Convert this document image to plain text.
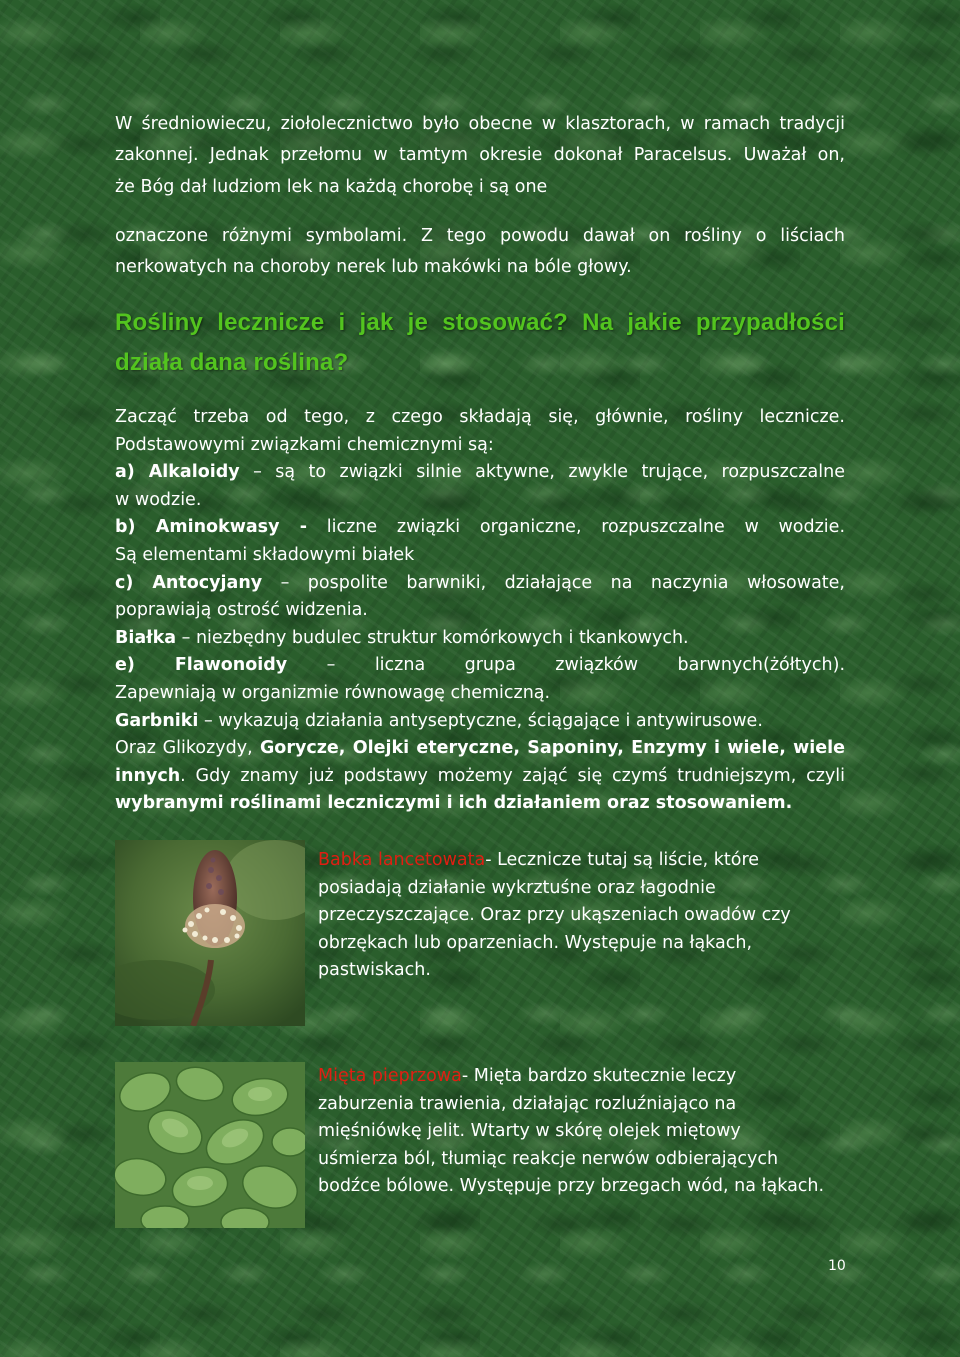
W średniowieczu, ziołolecznictwo było obecne w klasztorach, w ramach tradycji
zakonnej. Jednak przełomu w tamtym okresie dokonał Paracelsus. Uważał on,
że Bóg dał ludziom lek na każdą chorobę i są one
oznaczone różnymi symbolami. Z tego powodu dawał on rośliny o liściach
nerkowatych na choroby nerek lub makówki na bóle głowy.
Rośliny lecznicze i jak je stosować? Na jakie przypadłości
działa dana roślina?

Zacząć trzeba od tego, z czego składają się, głównie, rośliny lecznicze.

Podstawowymi związkami chemicznymi są:

a) Alkaloidy – są to związki silnie aktywne, zwykle trujące, rozpuszczalne

w wodzie.

b) Aminokwasy - liczne związki organiczne, rozpuszczalne w wodzie.

Są elementami składowymi białek

c) Antocyjany – pospolite barwniki, działające na naczynia włosowate,

poprawiają ostrość widzenia.

Białka – niezbędny budulec struktur komórkowych i tkankowych.

e) Flawonoidy – liczna grupa związków barwnych(żółtych).

Zapewniają w organizmie równowagę chemiczną.

Garbniki – wykazują działania antyseptyczne, ściągające i antywirusowe.

Oraz Glikozydy, Gorycze, Olejki eteryczne, Saponiny, Enzymy i wiele, wiele

innych. Gdy znamy już podstawy możemy zająć się czymś trudniejszym, czyli

wybranymi roślinami leczniczymi i ich działaniem oraz stosowaniem.

Babka lancetowata- Lecznicze tutaj są liście, które
posiadają działanie wykrztuśne oraz łagodnie
przeczyszczające. Oraz przy ukąszeniach owadów czy
obrzękach lub oparzeniach. Występuje na łąkach,
pastwiskach.
Mięta pieprzowa- Mięta bardzo skutecznie leczy
zaburzenia trawienia, działając rozluźniająco na
mięśniówkę jelit. Wtarty w skórę olejek miętowy
uśmierza ból, tłumiąc reakcje nerwów odbierających
bodźce bólowe. Występuje przy brzegach wód, na łąkach.
10
